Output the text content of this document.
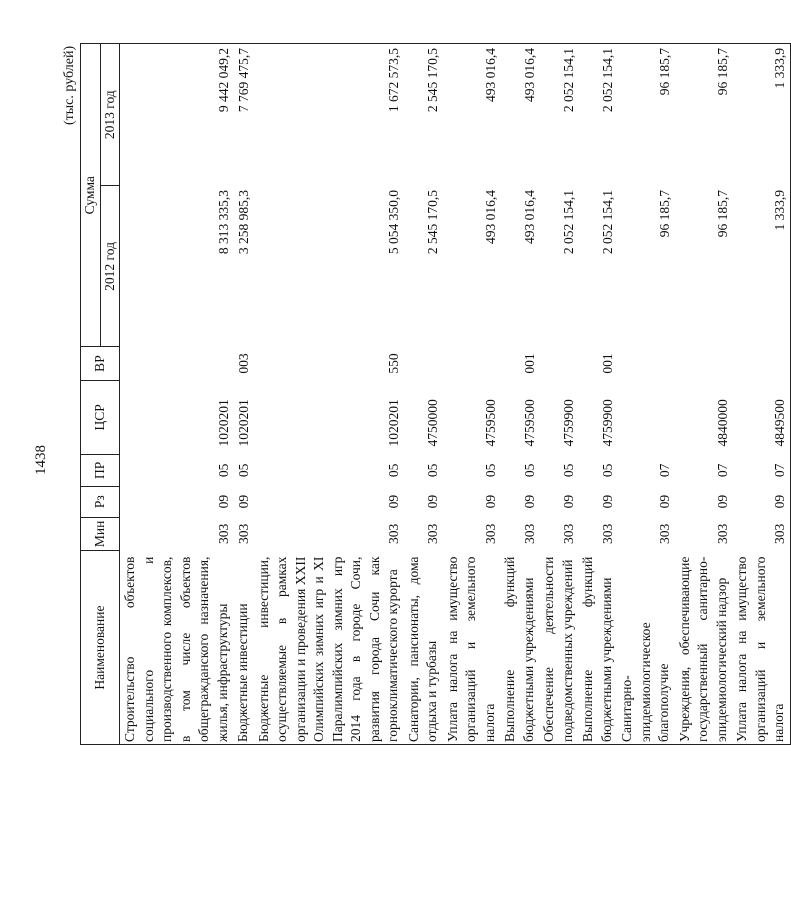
1438
(тыс. рублей)
Наименование	Мин	Рз	ПР	ЦСР	ВР	Сумма	
						2012 год	2013 год
Строительство объектов социального и производственного комплексов, в том числе объектов общегражданского назначения, жилья, инфраструктуры	303	09	05	1020201		8 313 335,3	9 442 049,2
Бюджетные инвестиции	303	09	05	1020201	003	3 258 985,3	7 769 475,7
Бюджетные инвестиции, осуществляемые в рамках организации и проведения XXII Олимпийских зимних игр и XI Паралимпийских зимних игр 2014 года в городе Сочи, развития города Сочи как горноклиматического курорта	303	09	05	1020201	550	5 054 350,0	1 672 573,5
Санатории, пансионаты, дома отдыха и турбазы	303	09	05	4750000		2 545 170,5	2 545 170,5
Уплата налога на имущество организаций и земельного налога	303	09	05	4759500		493 016,4	493 016,4
Выполнение функций бюджетными учреждениями	303	09	05	4759500	001	493 016,4	493 016,4
Обеспечение деятельности подведомственных учреждений	303	09	05	4759900		2 052 154,1	2 052 154,1
Выполнение функций бюджетными учреждениями	303	09	05	4759900	001	2 052 154,1	2 052 154,1
Санитарно-эпидемиологическое благополучие	303	09	07			96 185,7	96 185,7
Учреждения, обеспечивающие государственный санитарно-эпидемиологический надзор	303	09	07	4840000		96 185,7	96 185,7
Уплата налога на имущество организаций и земельного налога	303	09	07	4849500		1 333,9	1 333,9
